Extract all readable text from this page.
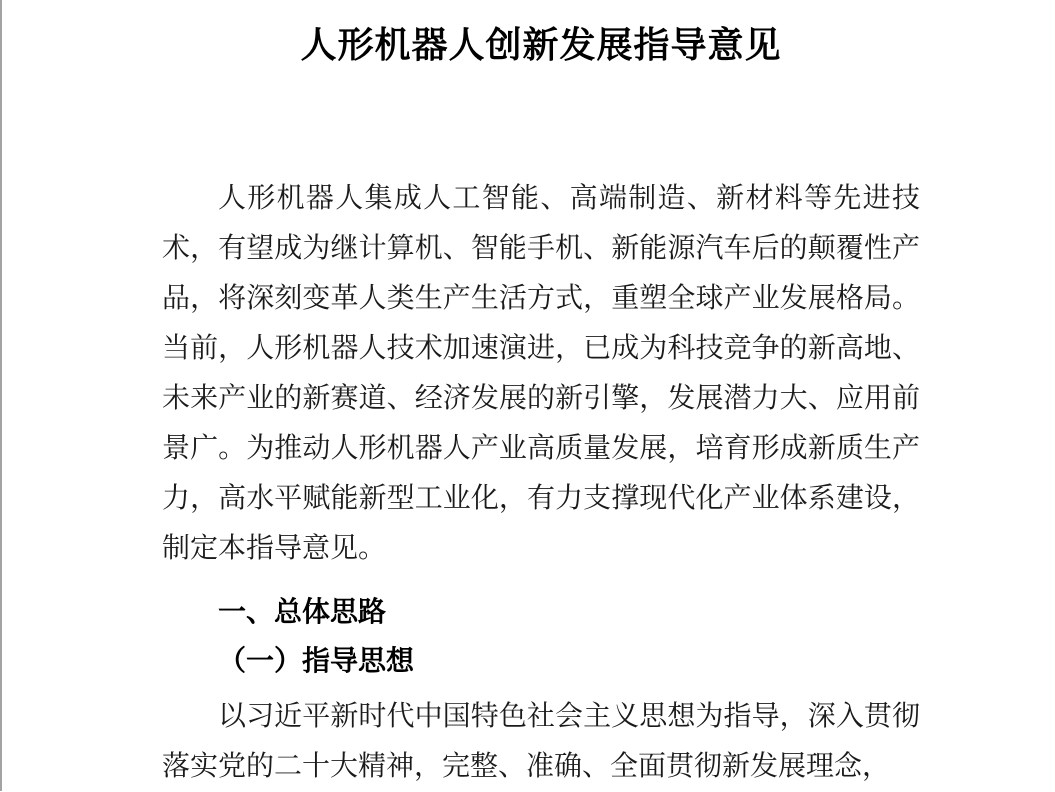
人形机器人创新发展指导意见

人形机器人集成人工智能、高端制造、新材料等先进技术，有望成为继计算机、智能手机、新能源汽车后的颠覆性产品，将深刻变革人类生产生活方式，重塑全球产业发展格局。当前，人形机器人技术加速演进，已成为科技竞争的新高地、未来产业的新赛道、经济发展的新引擎，发展潜力大、应用前景广。为推动人形机器人产业高质量发展，培育形成新质生产力，高水平赋能新型工业化，有力支撑现代化产业体系建设，制定本指导意见。

一、总体思路
（一）指导思想

以习近平新时代中国特色社会主义思想为指导，深入贯彻落实党的二十大精神，完整、准确、全面贯彻新发展理念，
